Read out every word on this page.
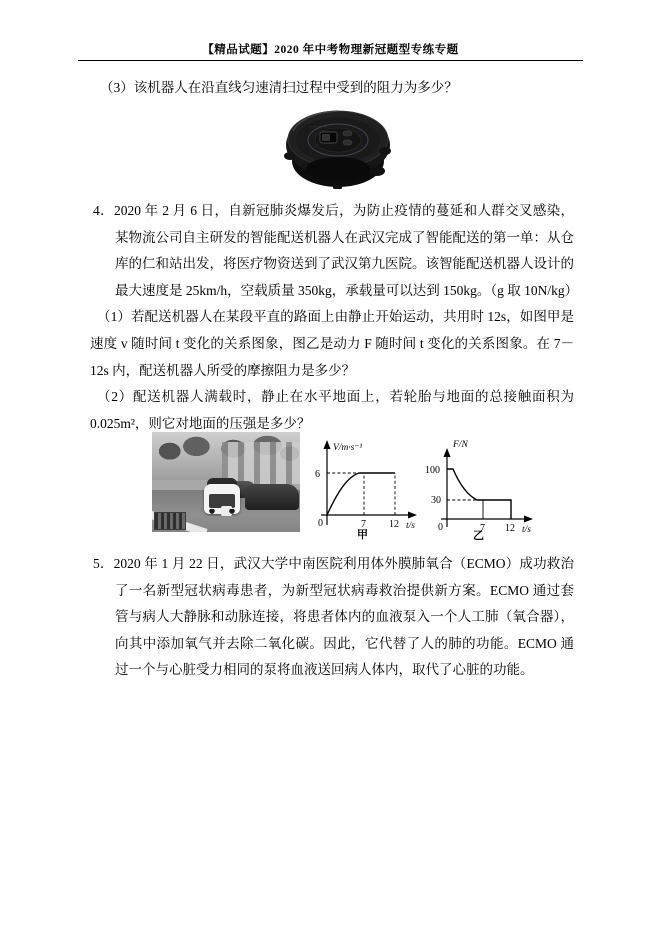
【精品试题】2020 年中考物理新冠题型专练专题
（3）该机器人在沿直线匀速清扫过程中受到的阻力为多少？
——————

4．2020 年 2 月 6 日，自新冠肺炎爆发后，为防止疫情的蔓延和人群交叉感染，某物流公司自主研发的智能配送机器人在武汉完成了智能配送的第一单：从仓库的仁和站出发，将医疗物资送到了武汉第九医院。该智能配送机器人设计的最大速度是 25km/h，空载质量 350kg，承载量可以达到 150kg。（g 取 10N/kg）

（1）若配送机器人在某段平直的路面上由静止开始运动，共用时 12s，如图甲是速度 v 随时间 t 变化的关系图象，图乙是动力 F 随时间 t 变化的关系图象。在 7－12s 内，配送机器人所受的摩擦阻力是多少？

（2）配送机器人满载时，静止在水平地面上，若轮胎与地面的总接触面积为 0.025m²，则它对地面的压强是多少？

V/m·s⁻¹
6
0	7 12 t/s
甲
F/N
100
30
0	7 12 t/s
乙

5．2020 年 1 月 22 日，武汉大学中南医院利用体外膜肺氧合（ECMO）成功救治了一名新型冠状病毒患者，为新型冠状病毒救治提供新方案。ECMO 通过套管与病人大静脉和动脉连接，将患者体内的血液泵入一个人工肺（氧合器），向其中添加氧气并去除二氧化碳。因此，它代替了人的肺的功能。ECMO 通过一个与心脏受力相同的泵将血液送回病人体内，取代了心脏的功能。
